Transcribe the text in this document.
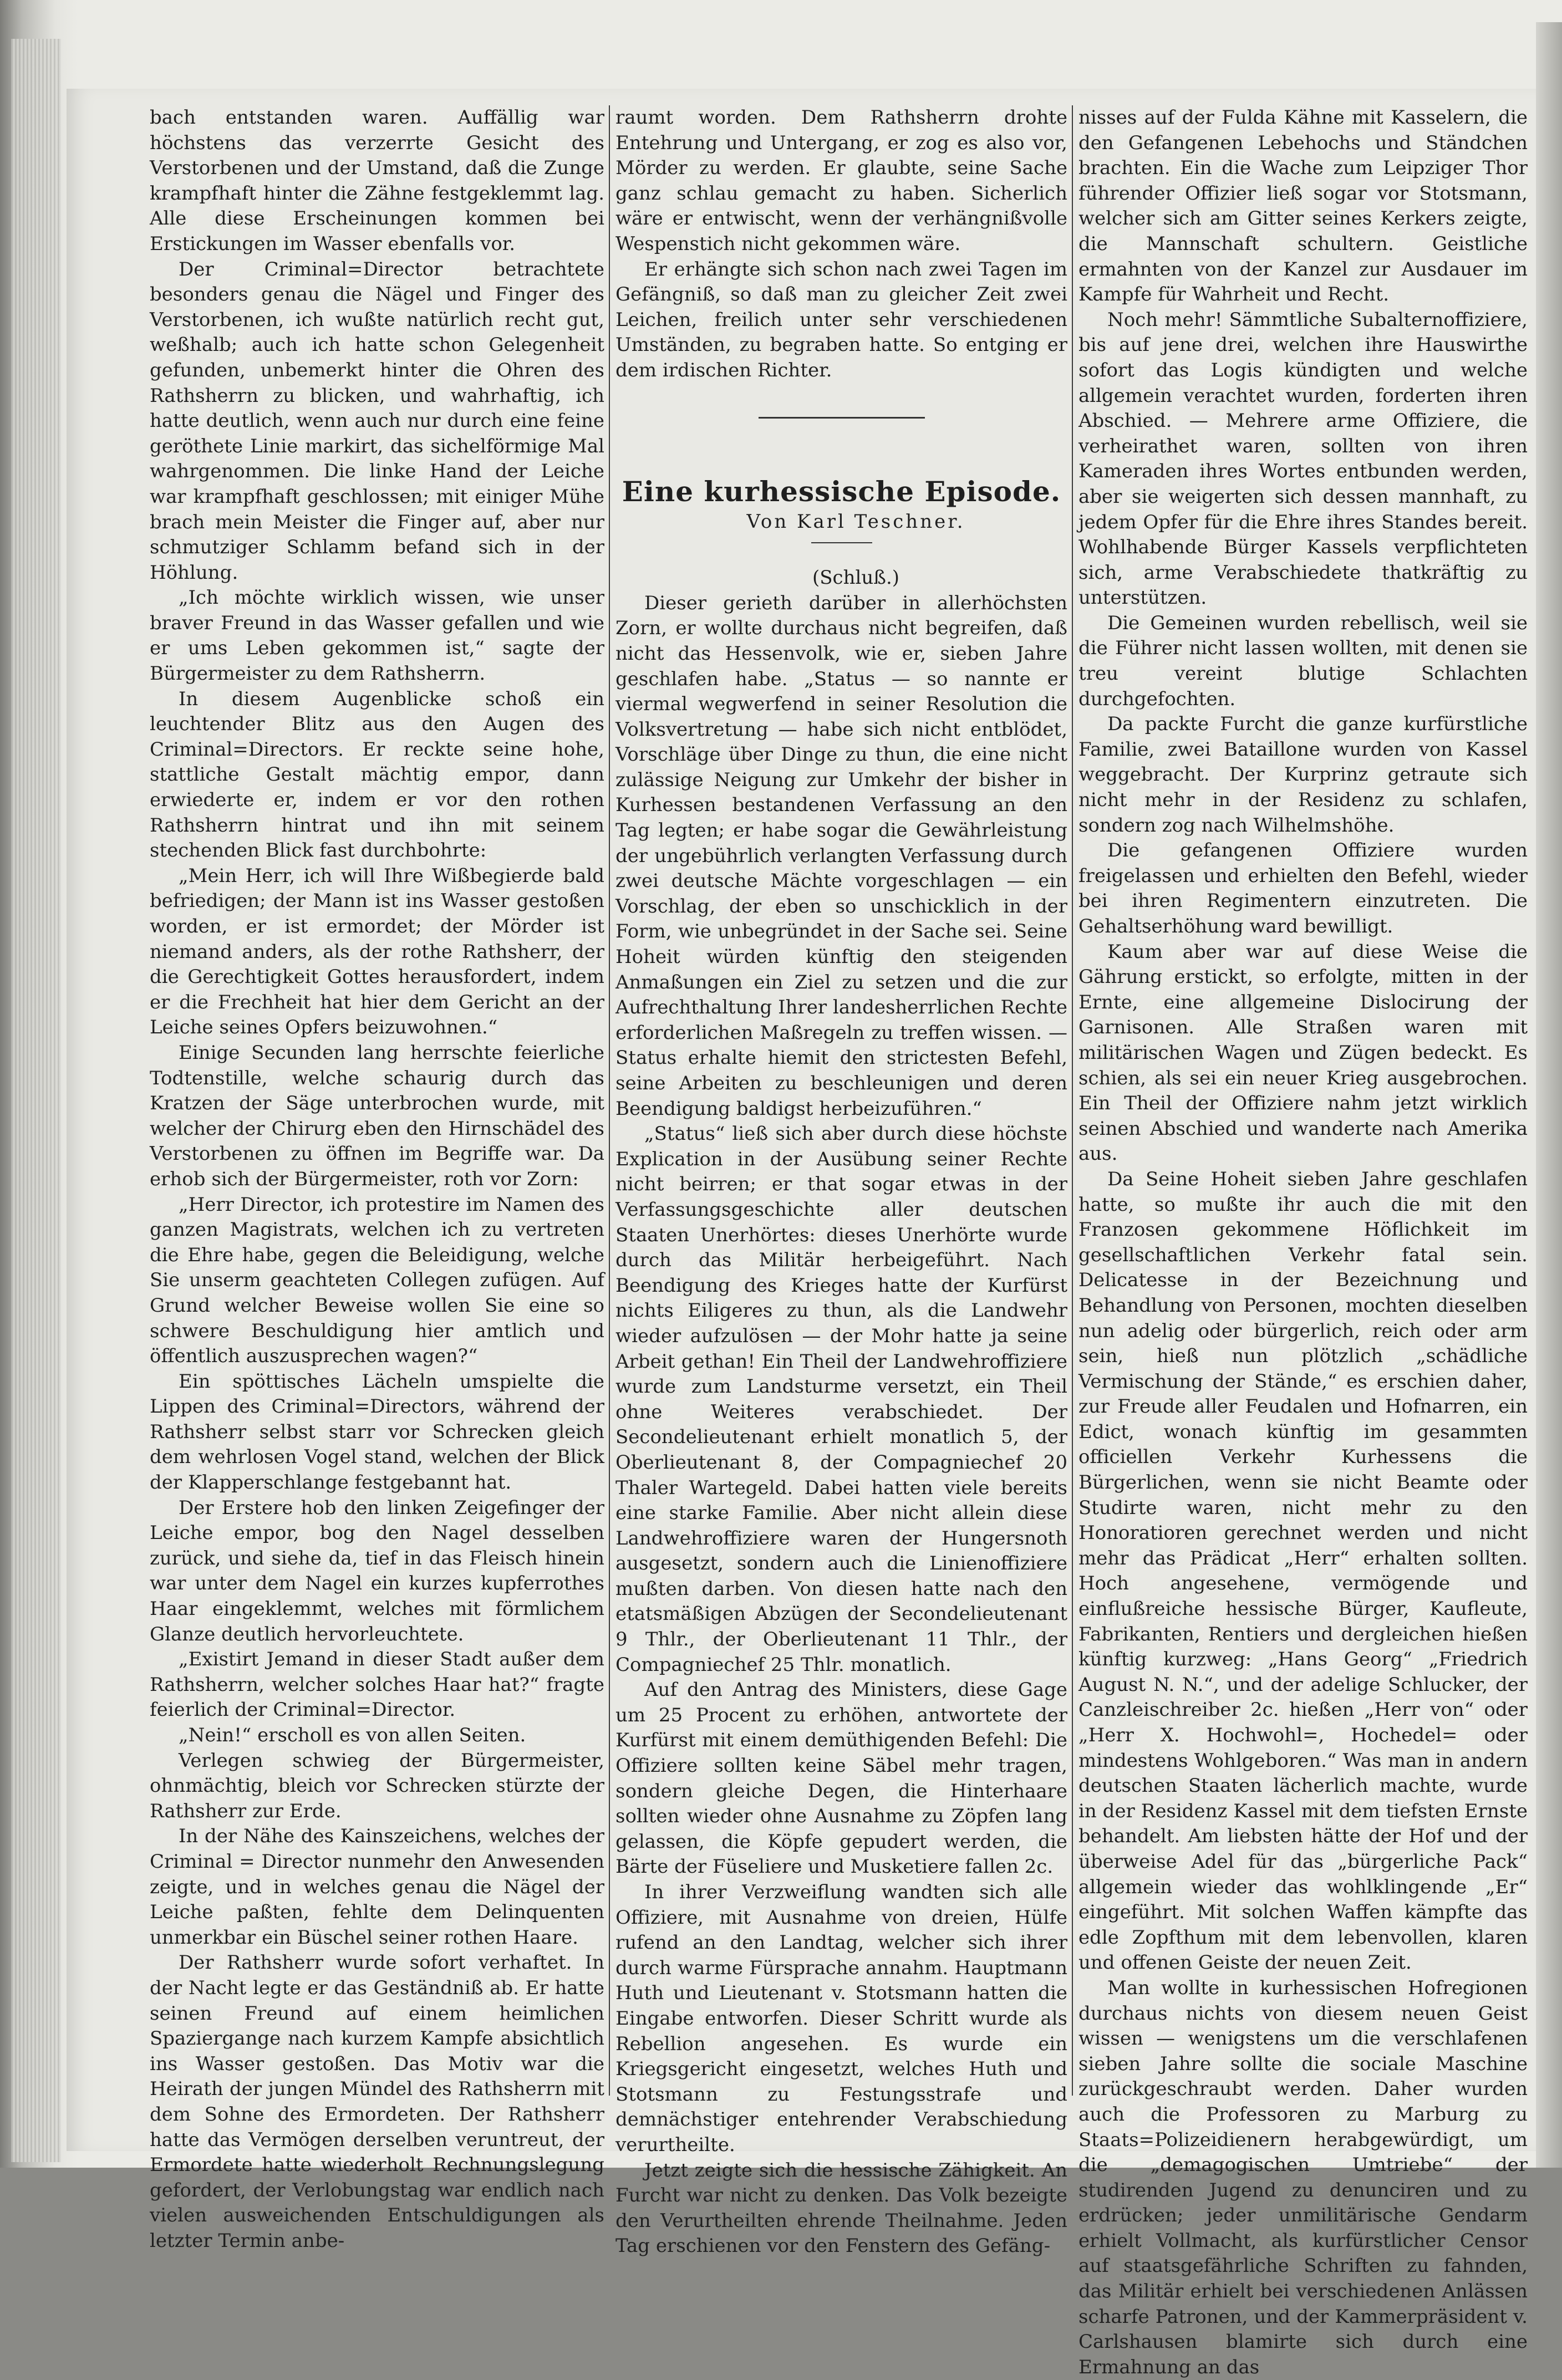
bach entstanden waren. Auffällig war höchstens das verzerrte Gesicht des Verstorbenen und der Umstand, daß die Zunge krampfhaft hinter die Zähne festgeklemmt lag. Alle diese Erscheinungen kommen bei Erstickungen im Wasser ebenfalls vor.

Der Criminal=Director betrachtete besonders genau die Nägel und Finger des Verstorbenen, ich wußte natürlich recht gut, weßhalb; auch ich hatte schon Gelegenheit gefunden, unbemerkt hinter die Ohren des Rathsherrn zu blicken, und wahrhaftig, ich hatte deutlich, wenn auch nur durch eine feine geröthete Linie markirt, das sichelförmige Mal wahrgenommen. Die linke Hand der Leiche war krampfhaft geschlossen; mit einiger Mühe brach mein Meister die Finger auf, aber nur schmutziger Schlamm befand sich in der Höhlung.

„Ich möchte wirklich wissen, wie unser braver Freund in das Wasser gefallen und wie er ums Leben gekommen ist,“ sagte der Bürgermeister zu dem Rathsherrn.

In diesem Augenblicke schoß ein leuchtender Blitz aus den Augen des Criminal=Directors. Er reckte seine hohe, stattliche Gestalt mächtig empor, dann erwiederte er, indem er vor den rothen Rathsherrn hintrat und ihn mit seinem stechenden Blick fast durchbohrte:

„Mein Herr, ich will Ihre Wißbegierde bald befriedigen; der Mann ist ins Wasser gestoßen worden, er ist ermordet; der Mörder ist niemand anders, als der rothe Rathsherr, der die Gerechtigkeit Gottes herausfordert, indem er die Frechheit hat hier dem Gericht an der Leiche seines Opfers beizuwohnen.“

Einige Secunden lang herrschte feierliche Todtenstille, welche schaurig durch das Kratzen der Säge unterbrochen wurde, mit welcher der Chirurg eben den Hirnschädel des Verstorbenen zu öffnen im Begriffe war. Da erhob sich der Bürgermeister, roth vor Zorn:

„Herr Director, ich protestire im Namen des ganzen Magistrats, welchen ich zu vertreten die Ehre habe, gegen die Beleidigung, welche Sie unserm geachteten Collegen zufügen. Auf Grund welcher Beweise wollen Sie eine so schwere Beschuldigung hier amtlich und öffentlich auszusprechen wagen?“

Ein spöttisches Lächeln umspielte die Lippen des Criminal=Directors, während der Rathsherr selbst starr vor Schrecken gleich dem wehrlosen Vogel stand, welchen der Blick der Klapperschlange festgebannt hat.

Der Erstere hob den linken Zeigefinger der Leiche empor, bog den Nagel desselben zurück, und siehe da, tief in das Fleisch hinein war unter dem Nagel ein kurzes kupferrothes Haar eingeklemmt, welches mit förmlichem Glanze deutlich hervorleuchtete.

„Existirt Jemand in dieser Stadt außer dem Rathsherrn, welcher solches Haar hat?“ fragte feierlich der Criminal=Director.

„Nein!“ erscholl es von allen Seiten.

Verlegen schwieg der Bürgermeister, ohnmächtig, bleich vor Schrecken stürzte der Rathsherr zur Erde.

In der Nähe des Kainszeichens, welches der Criminal = Director nunmehr den Anwesenden zeigte, und in welches genau die Nägel der Leiche paßten, fehlte dem Delinquenten unmerkbar ein Büschel seiner rothen Haare.

Der Rathsherr wurde sofort verhaftet. In der Nacht legte er das Geständniß ab. Er hatte seinen Freund auf einem heimlichen Spaziergange nach kurzem Kampfe absichtlich ins Wasser gestoßen. Das Motiv war die Heirath der jungen Mündel des Rathsherrn mit dem Sohne des Ermordeten. Der Rathsherr hatte das Vermögen derselben veruntreut, der Ermordete hatte wiederholt Rechnungslegung gefordert, der Verlobungstag war endlich nach vielen ausweichenden Entschuldigungen als letzter Termin anbe-

raumt worden. Dem Rathsherrn drohte Entehrung und Untergang, er zog es also vor, Mörder zu werden. Er glaubte, seine Sache ganz schlau gemacht zu haben. Sicherlich wäre er entwischt, wenn der verhängnißvolle Wespenstich nicht gekommen wäre.

Er erhängte sich schon nach zwei Tagen im Gefängniß, so daß man zu gleicher Zeit zwei Leichen, freilich unter sehr verschiedenen Umständen, zu begraben hatte. So entging er dem irdischen Richter.

Eine kurhessische Episode.

Von Karl Teschner.

(Schluß.)

Dieser gerieth darüber in allerhöchsten Zorn, er wollte durchaus nicht begreifen, daß nicht das Hessenvolk, wie er, sieben Jahre geschlafen habe. „Status — so nannte er viermal wegwerfend in seiner Resolution die Volksvertretung — habe sich nicht entblödet, Vorschläge über Dinge zu thun, die eine nicht zulässige Neigung zur Umkehr der bisher in Kurhessen bestandenen Verfassung an den Tag legten; er habe sogar die Gewährleistung der ungebührlich verlangten Verfassung durch zwei deutsche Mächte vorgeschlagen — ein Vorschlag, der eben so unschicklich in der Form, wie unbegründet in der Sache sei. Seine Hoheit würden künftig den steigenden Anmaßungen ein Ziel zu setzen und die zur Aufrechthaltung Ihrer landesherrlichen Rechte erforderlichen Maßregeln zu treffen wissen. — Status erhalte hiemit den strictesten Befehl, seine Arbeiten zu beschleunigen und deren Beendigung baldigst herbeizuführen.“

„Status“ ließ sich aber durch diese höchste Explication in der Ausübung seiner Rechte nicht beirren; er that sogar etwas in der Verfassungsgeschichte aller deutschen Staaten Unerhörtes: dieses Unerhörte wurde durch das Militär herbeigeführt. Nach Beendigung des Krieges hatte der Kurfürst nichts Eiligeres zu thun, als die Landwehr wieder aufzulösen — der Mohr hatte ja seine Arbeit gethan! Ein Theil der Landwehroffiziere wurde zum Landsturme versetzt, ein Theil ohne Weiteres verabschiedet. Der Secondelieutenant erhielt monatlich 5, der Oberlieutenant 8, der Compagniechef 20 Thaler Wartegeld. Dabei hatten viele bereits eine starke Familie. Aber nicht allein diese Landwehroffiziere waren der Hungersnoth ausgesetzt, sondern auch die Linienoffiziere mußten darben. Von diesen hatte nach den etatsmäßigen Abzügen der Secondelieutenant 9 Thlr., der Oberlieutenant 11 Thlr., der Compagniechef 25 Thlr. monatlich.

Auf den Antrag des Ministers, diese Gage um 25 Procent zu erhöhen, antwortete der Kurfürst mit einem demüthigenden Befehl: Die Offiziere sollten keine Säbel mehr tragen, sondern gleiche Degen, die Hinterhaare sollten wieder ohne Ausnahme zu Zöpfen lang gelassen, die Köpfe gepudert werden, die Bärte der Füseliere und Musketiere fallen 2c.

In ihrer Verzweiflung wandten sich alle Offiziere, mit Ausnahme von dreien, Hülfe rufend an den Landtag, welcher sich ihrer durch warme Fürsprache annahm. Hauptmann Huth und Lieutenant v. Stotsmann hatten die Eingabe entworfen. Dieser Schritt wurde als Rebellion angesehen. Es wurde ein Kriegsgericht eingesetzt, welches Huth und Stotsmann zu Festungsstrafe und demnächstiger entehrender Verabschiedung verurtheilte.

Jetzt zeigte sich die hessische Zähigkeit. An Furcht war nicht zu denken. Das Volk bezeigte den Verurtheilten ehrende Theilnahme. Jeden Tag erschienen vor den Fenstern des Gefäng-

nisses auf der Fulda Kähne mit Kasselern, die den Gefangenen Lebehochs und Ständchen brachten. Ein die Wache zum Leipziger Thor führender Offizier ließ sogar vor Stotsmann, welcher sich am Gitter seines Kerkers zeigte, die Mannschaft schultern. Geistliche ermahnten von der Kanzel zur Ausdauer im Kampfe für Wahrheit und Recht.

Noch mehr! Sämmtliche Subalternoffiziere, bis auf jene drei, welchen ihre Hauswirthe sofort das Logis kündigten und welche allgemein verachtet wurden, forderten ihren Abschied. — Mehrere arme Offiziere, die verheirathet waren, sollten von ihren Kameraden ihres Wortes entbunden werden, aber sie weigerten sich dessen mannhaft, zu jedem Opfer für die Ehre ihres Standes bereit. Wohlhabende Bürger Kassels verpflichteten sich, arme Verabschiedete thatkräftig zu unterstützen.

Die Gemeinen wurden rebellisch, weil sie die Führer nicht lassen wollten, mit denen sie treu vereint blutige Schlachten durchgefochten.

Da packte Furcht die ganze kurfürstliche Familie, zwei Bataillone wurden von Kassel weggebracht. Der Kurprinz getraute sich nicht mehr in der Residenz zu schlafen, sondern zog nach Wilhelmshöhe.

Die gefangenen Offiziere wurden freigelassen und erhielten den Befehl, wieder bei ihren Regimentern einzutreten. Die Gehaltserhöhung ward bewilligt.

Kaum aber war auf diese Weise die Gährung erstickt, so erfolgte, mitten in der Ernte, eine allgemeine Dislocirung der Garnisonen. Alle Straßen waren mit militärischen Wagen und Zügen bedeckt. Es schien, als sei ein neuer Krieg ausgebrochen. Ein Theil der Offiziere nahm jetzt wirklich seinen Abschied und wanderte nach Amerika aus.

Da Seine Hoheit sieben Jahre geschlafen hatte, so mußte ihr auch die mit den Franzosen gekommene Höflichkeit im gesellschaftlichen Verkehr fatal sein. Delicatesse in der Bezeichnung und Behandlung von Personen, mochten dieselben nun adelig oder bürgerlich, reich oder arm sein, hieß nun plötzlich „schädliche Vermischung der Stände,“ es erschien daher, zur Freude aller Feudalen und Hofnarren, ein Edict, wonach künftig im gesammten officiellen Verkehr Kurhessens die Bürgerlichen, wenn sie nicht Beamte oder Studirte waren, nicht mehr zu den Honoratioren gerechnet werden und nicht mehr das Prädicat „Herr“ erhalten sollten. Hoch angesehene, vermögende und einflußreiche hessische Bürger, Kaufleute, Fabrikanten, Rentiers und dergleichen hießen künftig kurzweg: „Hans Georg“ „Friedrich August N. N.“, und der adelige Schlucker, der Canzleischreiber 2c. hießen „Herr von“ oder „Herr X. Hochwohl=, Hochedel= oder mindestens Wohlgeboren.“ Was man in andern deutschen Staaten lächerlich machte, wurde in der Residenz Kassel mit dem tiefsten Ernste behandelt. Am liebsten hätte der Hof und der überweise Adel für das „bürgerliche Pack“ allgemein wieder das wohlklingende „Er“ eingeführt. Mit solchen Waffen kämpfte das edle Zopfthum mit dem lebenvollen, klaren und offenen Geiste der neuen Zeit.

Man wollte in kurhessischen Hofregionen durchaus nichts von diesem neuen Geist wissen — wenigstens um die verschlafenen sieben Jahre sollte die sociale Maschine zurückgeschraubt werden. Daher wurden auch die Professoren zu Marburg zu Staats=Polizeidienern herabgewürdigt, um die „demagogischen Umtriebe“ der studirenden Jugend zu denunciren und zu erdrücken; jeder unmilitärische Gendarm erhielt Vollmacht, als kurfürstlicher Censor auf staatsgefährliche Schriften zu fahnden, das Militär erhielt bei verschiedenen Anlässen scharfe Patronen, und der Kammerpräsident v. Carlshausen blamirte sich durch eine Ermahnung an das
